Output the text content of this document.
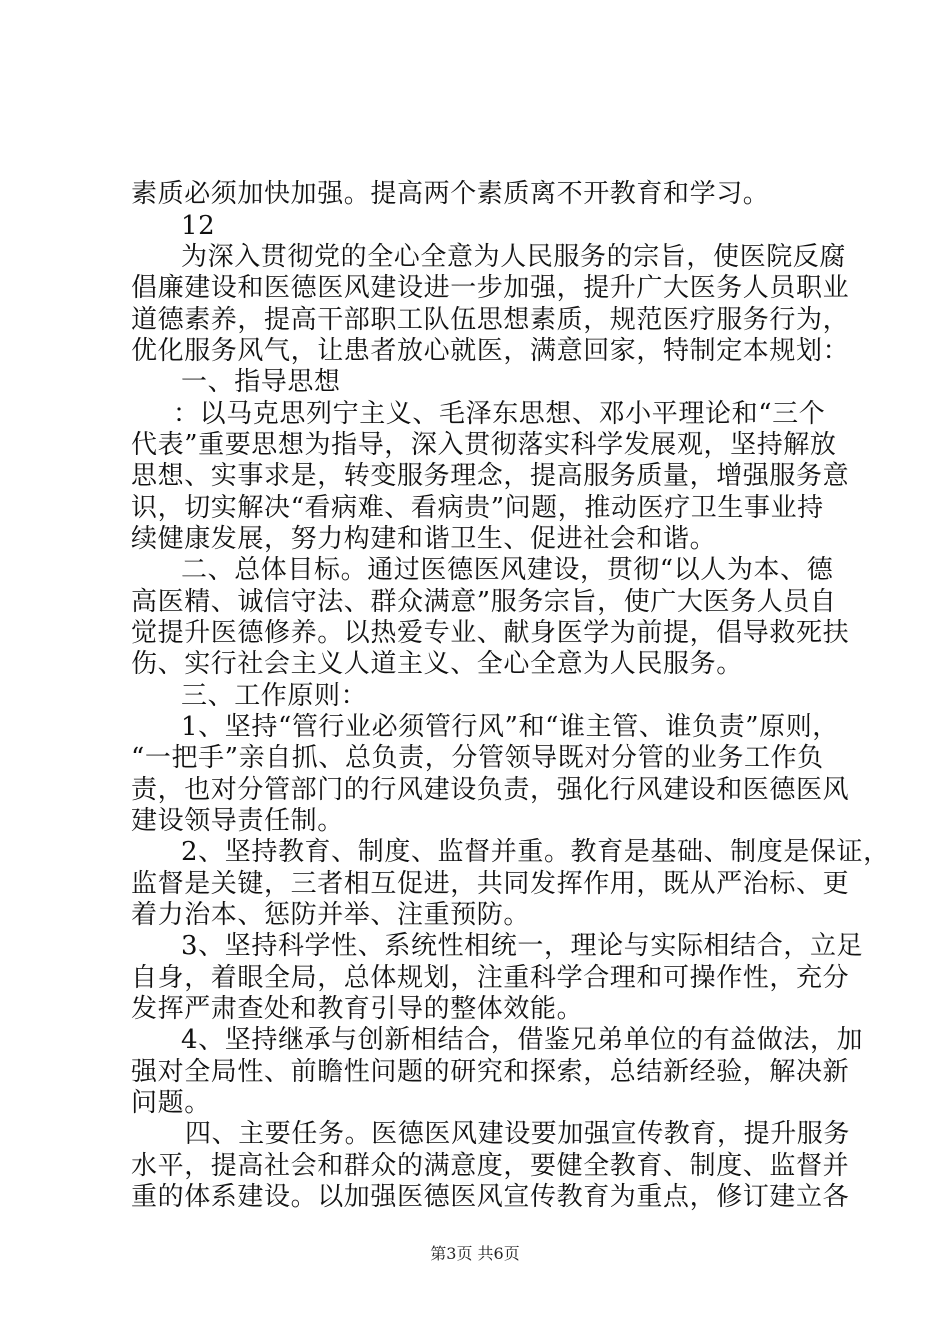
素质必须加快加强。提高两个素质离不开教育和学习。
12
为深入贯彻党的全心全意为人民服务的宗旨，使医院反腐
倡廉建设和医德医风建设进一步加强，提升广大医务人员职业
道德素养，提高干部职工队伍思想素质，规范医疗服务行为，
优化服务风气，让患者放心就医，满意回家，特制定本规划：
一、指导思想
：以马克思列宁主义、毛泽东思想、邓小平理论和“三个
代表”重要思想为指导，深入贯彻落实科学发展观，坚持解放
思想、实事求是，转变服务理念，提高服务质量，增强服务意
识，切实解决“看病难、看病贵”问题，推动医疗卫生事业持
续健康发展，努力构建和谐卫生、促进社会和谐。
二、总体目标。通过医德医风建设，贯彻“以人为本、德
高医精、诚信守法、群众满意”服务宗旨，使广大医务人员自
觉提升医德修养。以热爱专业、献身医学为前提，倡导救死扶
伤、实行社会主义人道主义、全心全意为人民服务。
三、工作原则：
1、坚持“管行业必须管行风”和“谁主管、谁负责”原则，
“一把手”亲自抓、总负责，分管领导既对分管的业务工作负
责，也对分管部门的行风建设负责，强化行风建设和医德医风
建设领导责任制。
2、坚持教育、制度、监督并重。教育是基础、制度是保证，
监督是关键，三者相互促进，共同发挥作用，既从严治标、更
着力治本、惩防并举、注重预防。
3、坚持科学性、系统性相统一，理论与实际相结合，立足
自身，着眼全局，总体规划，注重科学合理和可操作性，充分
发挥严肃查处和教育引导的整体效能。
4、坚持继承与创新相结合，借鉴兄弟单位的有益做法，加
强对全局性、前瞻性问题的研究和探索，总结新经验，解决新
问题。
四、主要任务。医德医风建设要加强宣传教育，提升服务
水平，提高社会和群众的满意度，要健全教育、制度、监督并
重的体系建设。以加强医德医风宣传教育为重点，修订建立各
第3页 共6页
